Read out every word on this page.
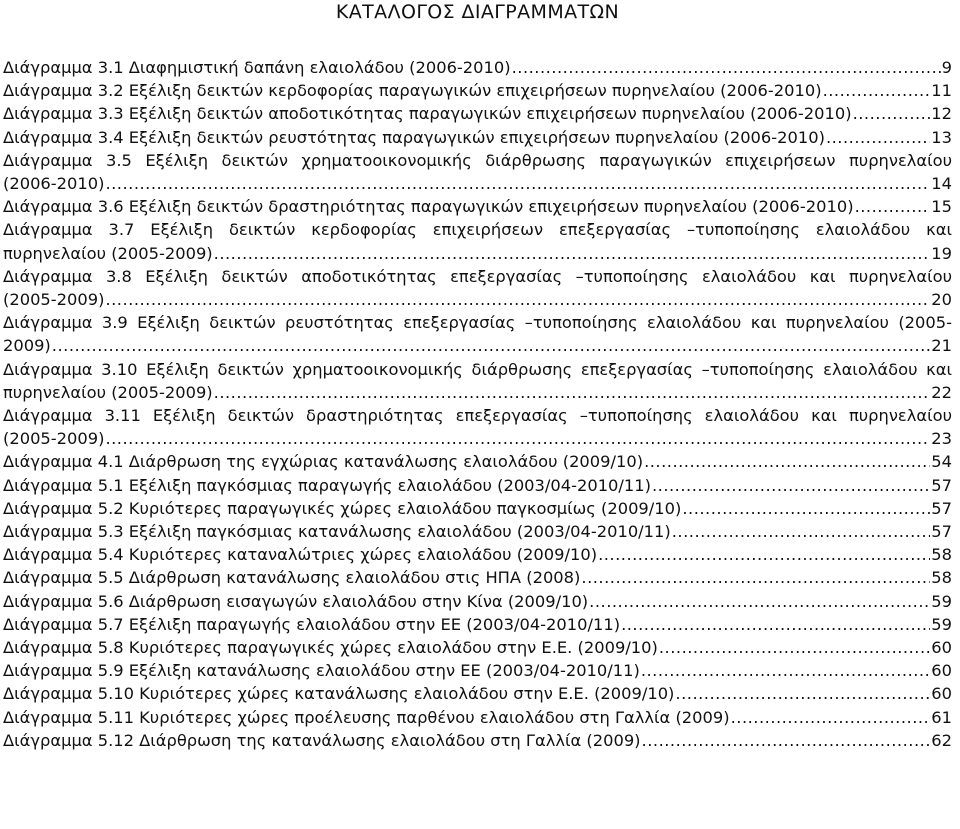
ΚΑΤΑΛΟΓΟΣ ΔΙΑΓΡΑΜΜΑΤΩΝ
Διάγραμμα 3.1 Διαφημιστική δαπάνη ελαιολάδου (2006-2010) .....	9
Διάγραμμα 3.2 Εξέλιξη δεικτών κερδοφορίας παραγωγικών επιχειρήσεων πυρηνελαίου (2006-2010) .....	11
Διάγραμμα 3.3 Εξέλιξη δεικτών αποδοτικότητας παραγωγικών επιχειρήσεων πυρηνελαίου (2006-2010) .....	12
Διάγραμμα 3.4 Εξέλιξη δεικτών ρευστότητας παραγωγικών επιχειρήσεων πυρηνελαίου (2006-2010) .....	13
Διάγραμμα 3.5 Εξέλιξη δεικτών χρηματοοικονομικής διάρθρωσης παραγωγικών επιχειρήσεων πυρηνελαίου
(2006-2010) .....	14
Διάγραμμα 3.6 Εξέλιξη δεικτών δραστηριότητας παραγωγικών επιχειρήσεων πυρηνελαίου (2006-2010) .....	15
Διάγραμμα 3.7 Εξέλιξη δεικτών κερδοφορίας επιχειρήσεων επεξεργασίας –τυποποίησης ελαιολάδου και
πυρηνελαίου (2005-2009) .....	19
Διάγραμμα 3.8 Εξέλιξη δεικτών αποδοτικότητας επεξεργασίας –τυποποίησης ελαιολάδου και πυρηνελαίου
(2005-2009) .....	20
Διάγραμμα 3.9 Εξέλιξη δεικτών ρευστότητας επεξεργασίας –τυποποίησης ελαιολάδου και πυρηνελαίου (2005-
2009) .....	21
Διάγραμμα 3.10 Εξέλιξη δεικτών χρηματοοικονομικής διάρθρωσης επεξεργασίας –τυποποίησης ελαιολάδου και
πυρηνελαίου (2005-2009) .....	22
Διάγραμμα 3.11 Εξέλιξη δεικτών δραστηριότητας επεξεργασίας –τυποποίησης ελαιολάδου και πυρηνελαίου
(2005-2009) .....	23
Διάγραμμα 4.1 Διάρθρωση της εγχώριας κατανάλωσης ελαιολάδου (2009/10) .....	54
Διάγραμμα 5.1 Εξέλιξη παγκόσμιας παραγωγής ελαιολάδου (2003/04-2010/11) .....	57
Διάγραμμα 5.2 Κυριότερες παραγωγικές χώρες ελαιολάδου παγκοσμίως (2009/10) .....	57
Διάγραμμα 5.3 Εξέλιξη παγκόσμιας κατανάλωσης ελαιολάδου (2003/04-2010/11) .....	57
Διάγραμμα 5.4 Κυριότερες καταναλώτριες χώρες ελαιολάδου (2009/10) .....	58
Διάγραμμα 5.5 Διάρθρωση κατανάλωσης ελαιολάδου στις ΗΠΑ (2008) .....	58
Διάγραμμα 5.6 Διάρθρωση εισαγωγών ελαιολάδου στην Κίνα (2009/10) .....	59
Διάγραμμα 5.7 Εξέλιξη παραγωγής ελαιολάδου στην ΕΕ (2003/04-2010/11) .....	59
Διάγραμμα 5.8 Κυριότερες παραγωγικές χώρες ελαιολάδου στην Ε.Ε. (2009/10) .....	60
Διάγραμμα 5.9 Εξέλιξη κατανάλωσης ελαιολάδου στην ΕΕ (2003/04-2010/11) .....	60
Διάγραμμα 5.10 Κυριότερες χώρες κατανάλωσης ελαιολάδου στην Ε.Ε. (2009/10) .....	60
Διάγραμμα 5.11 Κυριότερες χώρες προέλευσης παρθένου ελαιολάδου στη Γαλλία (2009) .....	61
Διάγραμμα 5.12 Διάρθρωση της κατανάλωσης ελαιολάδου στη Γαλλία (2009) .....	62
